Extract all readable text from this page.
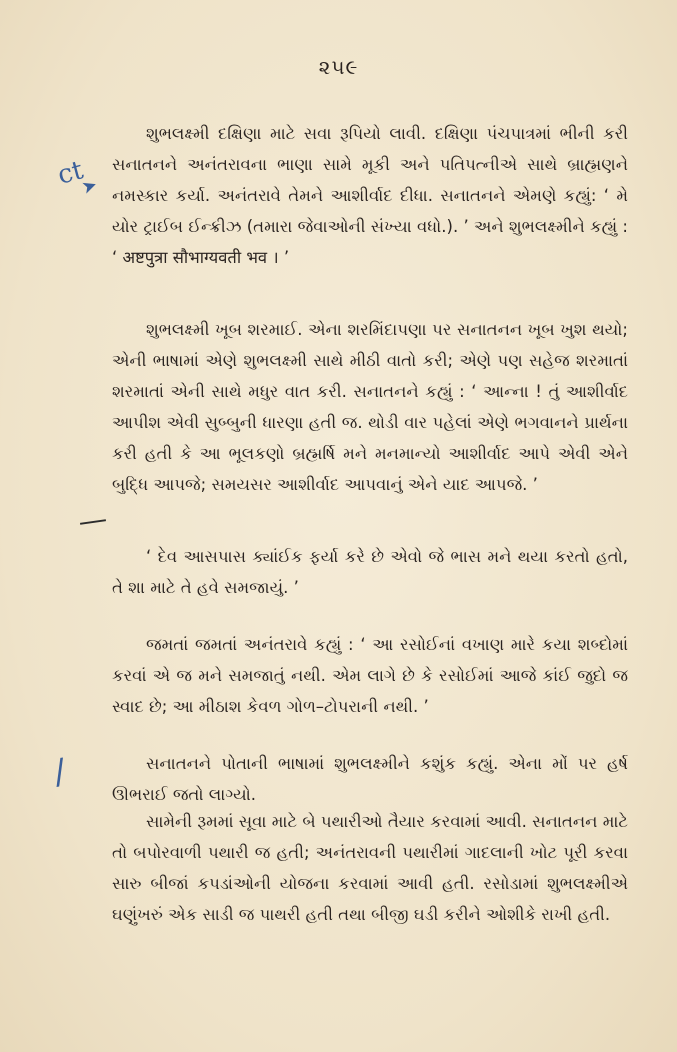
૨૫૯
ct
➤
/

શુભલક્ષ્મી દક્ષિણા માટે સવા રૂપિયો લાવી. દક્ષિણા પંચપાત્રમાં ભીની કરી સનાતનને અનંતરાવના ભાણા સામે મૂકી અને પતિપત્નીએ સાથે બ્રાહ્મણને નમસ્કાર કર્યા. અનંતરાવે તેમને આશીર્વાદ દીધા. સનાતનને એમણે કહ્યું: ‘ મે યોર ટ્રાઈબ ઈન્ક્રીઝ (તમારા જેવાઓની સંખ્યા વધો.). ’ અને શુભલક્ષ્મીને કહ્યું : ‘ अष्टपुत्रा सौभाग्यवती भव । ’

શુભલક્ષ્મી ખૂબ શરમાઈ. એના શરમિંદાપણા પર સનાતનન ખૂબ ખુશ થયો; એની ભાષામાં એણે શુભલક્ષ્મી સાથે મીઠી વાતો કરી; એણે પણ સહેજ શરમાતાં શરમાતાં એની સાથે મધુર વાત કરી. સનાતનને કહ્યું : ‘ આન્ના ! તું આશીર્વાદ આપીશ એવી સુબ્બુની ધારણા હતી જ. થોડી વાર પહેલાં એણે ભગવાનને પ્રાર્થના કરી હતી કે આ ભૂલકણો બ્રહ્મર્ષિ મને મનમાન્યો આશીર્વાદ આપે એવી એને બુદ્ધિ આપજે; સમયસર આશીર્વાદ આપવાનું એને યાદ આપજે. ’

‘ દેવ આસપાસ ક્યાંઈક ફર્યા કરે છે એવો જે ભાસ મને થયા કરતો હતો, તે શા માટે તે હવે સમજાયું. ’

જમતાં જમતાં અનંતરાવે કહ્યું : ‘ આ રસોઈનાં વખાણ મારે કયા શબ્દોમાં કરવાં એ જ મને સમજાતું નથી. એમ લાગે છે કે રસોઈમાં આજે કાંઈ જુદો જ સ્વાદ છે; આ મીઠાશ કેવળ ગોળ–ટોપરાની નથી. ’

સનાતનને પોતાની ભાષામાં શુભલક્ષ્મીને કશુંક કહ્યું. એના મોં પર હર્ષ ઊભરાઈ જતો લાગ્યો.

સામેની રૂમમાં સૂવા માટે બે પથારીઓ તૈયાર કરવામાં આવી. સનાતનન માટે તો બપોરવાળી પથારી જ હતી; અનંતરાવની પથારીમાં ગાદલાની ખોટ પૂરી કરવા સારુ બીજાં કપડાંઓની યોજના કરવામાં આવી હતી. રસોડામાં શુભલક્ષ્મીએ ઘણુંખરું એક સાડી જ પાથરી હતી તથા બીજી ઘડી કરીને ઓશીકે રાખી હતી.
